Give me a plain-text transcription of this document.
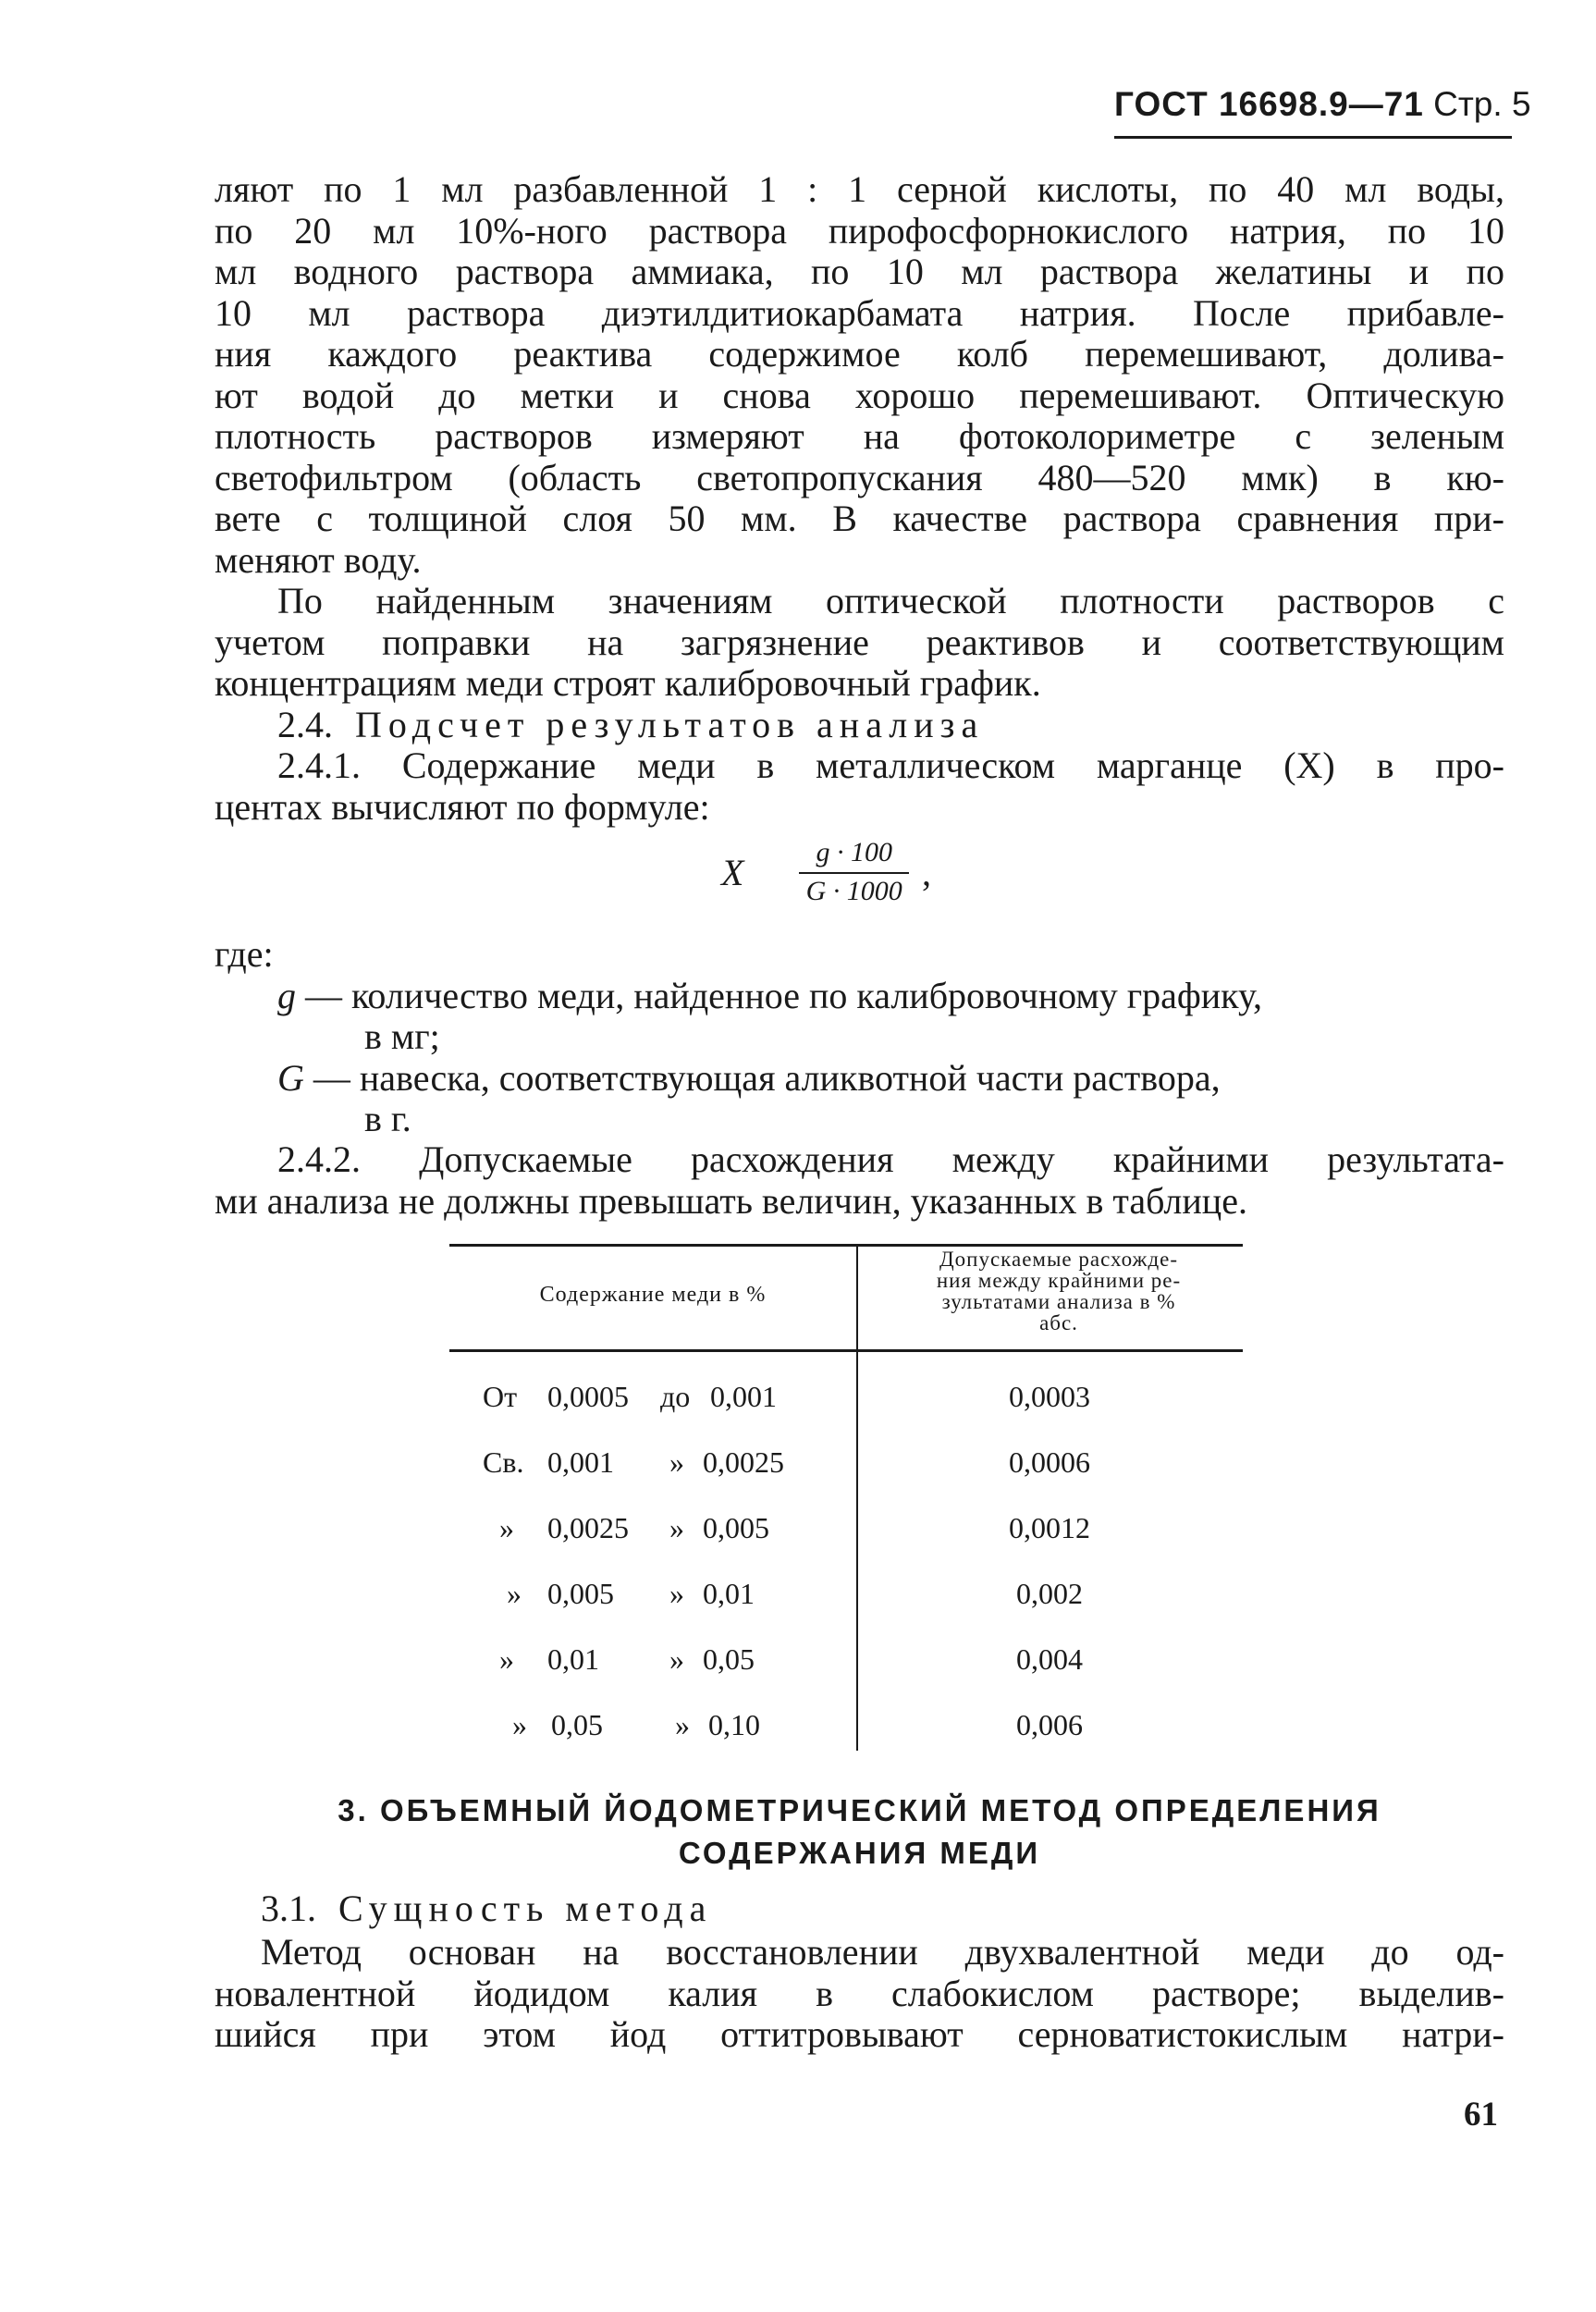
ГОСТ 16698.9—71 Стр. 5

ляют по 1 мл разбавленной 1 : 1 серной кислоты, по 40 мл воды,

по 20 мл 10%-ного раствора пирофосфорнокислого натрия, по 10

мл водного раствора аммиака, по 10 мл раствора желатины и по

10 мл раствора диэтилдитиокарбамата натрия. После прибавле-

ния каждого реактива содержимое колб перемешивают, долива-

ют водой до метки и снова хорошо перемешивают. Оптическую

плотность растворов измеряют на фотоколориметре с зеленым

светофильтром (область светопропускания 480—520 ммк) в кю-

вете с толщиной слоя 50 мм. В качестве раствора сравнения при-

меняют воду.

По найденным значениям оптической плотности растворов с

учетом поправки на загрязнение реактивов и соответствующим

концентрациям меди строят калибровочный график.

2.4. Подсчет результатов анализа

2.4.1. Содержание меди в металлическом марганце (X) в про-

центах вычисляют по формуле:

X $\frac{g \cdot 100}{G \cdot 1000}$ ,
где:
g — количество меди, найденное по калибровочному графику,
в мг;
G — навеска, соответствующая аликвотной части раствора,
в г.

2.4.2. Допускаемые расхождения между крайними результата-

ми анализа не должны превышать величин, указанных в таблице.

Содержание меди в %
Допускаемые расхожде-
ния между крайними ре-
зультатами анализа в %
абс.
От 0,0005 до 0,001	0,0003
Св. 0,001 » 0,0025	0,0006
» 0,0025 » 0,005	0,0012
» 0,005 » 0,01	0,002
» 0,01 » 0,05	0,004
» 0,05 » 0,10	0,006
3. ОБЪЕМНЫЙ ЙОДОМЕТРИЧЕСКИЙ МЕТОД ОПРЕДЕЛЕНИЯ
СОДЕРЖАНИЯ МЕДИ

3.1. Сущность метода

Метод основан на восстановлении двухвалентной меди до од-

новалентной йодидом калия в слабокислом растворе; выделив-

шийся при этом йод оттитровывают серноватистокислым натри-

61
